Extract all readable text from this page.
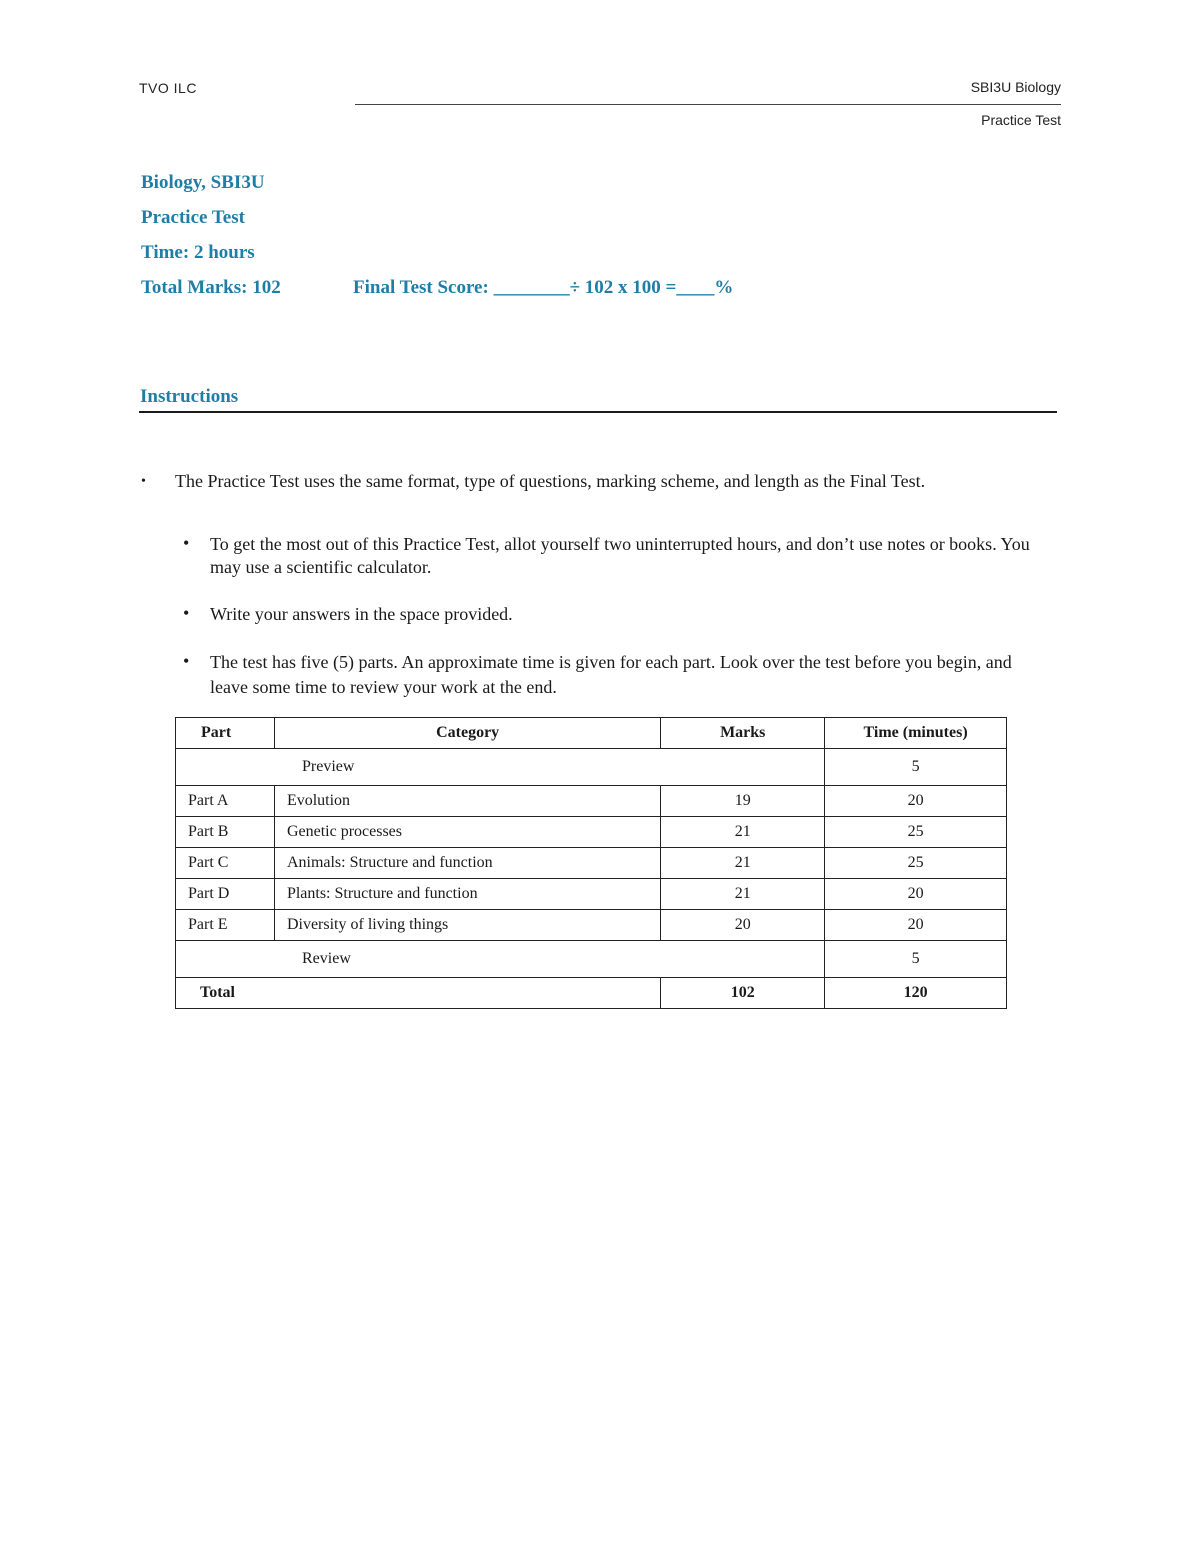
TVO ILC	SBI3U Biology
Practice Test
Biology, SBI3U
Practice Test
Time: 2 hours
Total Marks: 102	Final Test Score: ________÷ 102 x 100 =____%
Instructions
• The Practice Test uses the same format, type of questions, marking scheme, and length as the Final Test.
• To get the most out of this Practice Test, allot yourself two uninterrupted hours, and don’t use notes or books. You may use a scientific calculator.
• Write your answers in the space provided.
• The test has five (5) parts. An approximate time is given for each part. Look over the test before you begin, and leave some time to review your work at the end.
Part	Category	Marks	Time (minutes)
Preview			5
Part A	Evolution	19	20
Part B	Genetic processes	21	25
Part C	Animals: Structure and function	21	25
Part D	Plants: Structure and function	21	20
Part E	Diversity of living things	20	20
Review			5
Total		102	120
